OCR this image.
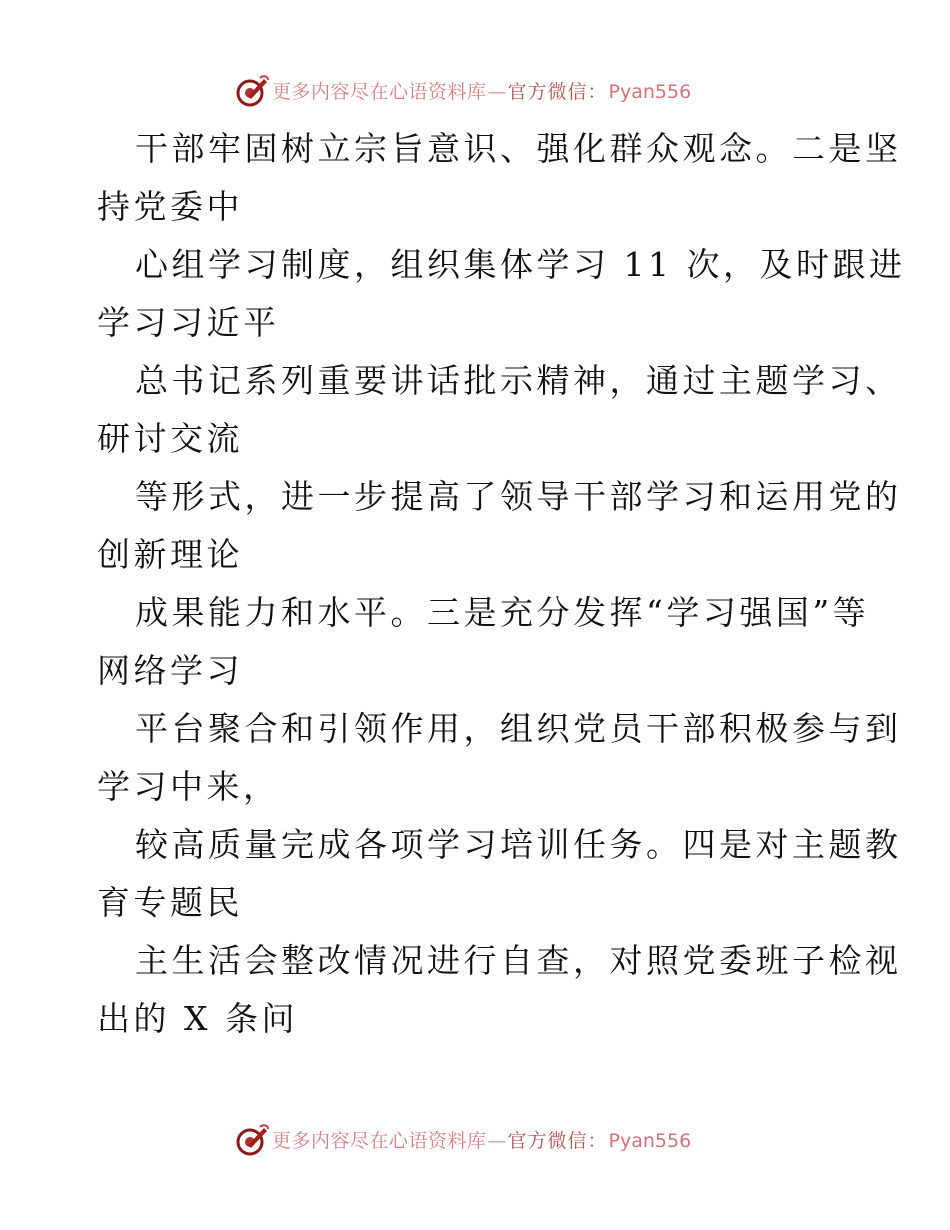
更多内容尽在心语资料库 — 官方微信： Pyan556
干部牢固树立宗旨意识、强化群众观念。二是坚
持党委中
心组学习制度，组织集体学习 11 次，及时跟进
学习习近平
总书记系列重要讲话批示精神，通过主题学习、
研讨交流
等形式，进一步提高了领导干部学习和运用党的
创新理论
成果能力和水平。三是充分发挥“学习强国”等
网络学习
平台聚合和引领作用，组织党员干部积极参与到
学习中来，
较高质量完成各项学习培训任务。四是对主题教
育专题民
主生活会整改情况进行自查，对照党委班子检视
出的 X 条问
更多内容尽在心语资料库 — 官方微信： Pyan556
